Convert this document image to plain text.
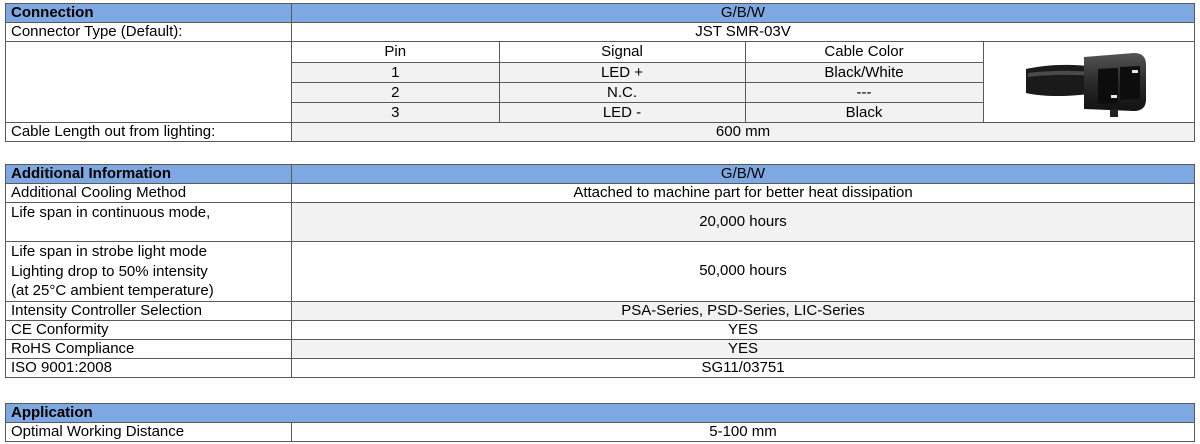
Connection	G/B/W
Connector Type (Default):	JST SMR-03V

Pin	Signal	Cable Color	

1	LED +	Black/White
2	N.C.	---
3	LED -	Black

Cable Length out from lighting:	600 mm
Additional Information	G/B/W
Additional Cooling Method	Attached to machine part for better heat dissipation
Life span in continuous mode,	20,000 hours

Life span in strobe light mode
Lighting drop to 50% intensity
(at 25°C ambient temperature)	50,000 hours
Intensity Controller Selection	PSA-Series, PSD-Series, LIC-Series
CE Conformity	YES
RoHS Compliance	YES
ISO 9001:2008	SG11/03751
Application
Optimal Working Distance	5-100 mm
